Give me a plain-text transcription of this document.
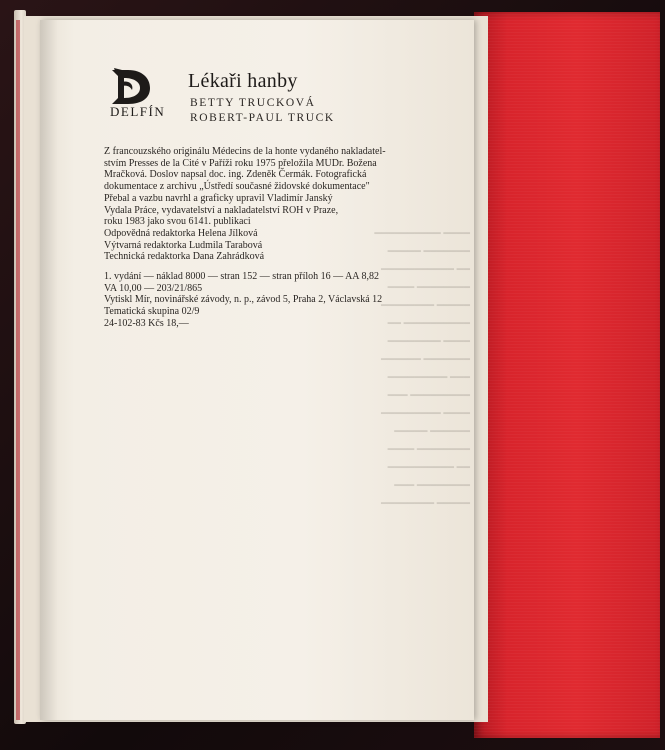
━━━━ ━━━━━━━━━━
━━━━━━━ ━━━━━
━━ ━━━━━━━━━━━
━━━━━━━━ ━━━━
━━━━━ ━━━━━━━━
━━━━━━━━━━ ━━
━━━━ ━━━━━━━━
━━━━━━━ ━━━━━━
━━━ ━━━━━━━━━
━━━━━━━━━ ━━━
━━━━ ━━━━━━━━━
━━━━━━ ━━━━━
━━━━━━━━ ━━━━
━━ ━━━━━━━━━━
━━━━━━━━ ━━━
━━━━━ ━━━━━━━━
DELFÍN
Lékaři hanby
BETTY TRUCKOVÁ
ROBERT-PAUL TRUCK
Z francouzského originálu Médecins de la honte vydaného nakladatel-
stvím Presses de la Cité v Paříži roku 1975 přeložila MUDr. Božena
Mračková. Doslov napsal doc. ing. Zdeněk Čermák. Fotografická
dokumentace z archivu „Ústředí současné židovské dokumentace"
Přebal a vazbu navrhl a graficky upravil Vladimír Janský
Vydala Práce, vydavatelství a nakladatelství ROH v Praze,
roku 1983 jako svou 6141. publikaci
Odpovědná redaktorka Helena Jílková
Výtvarná redaktorka Ludmila Tarabová
Technická redaktorka Dana Zahrádková
1. vydání — náklad 8000 — stran 152 — stran příloh 16 — AA 8,82
VA 10,00 — 203/21/865
Vytiskl Mír, novinářské závody, n. p., závod 5, Praha 2, Václavská 12
Tematická skupina 02/9
24-102-83 Kčs 18,—
